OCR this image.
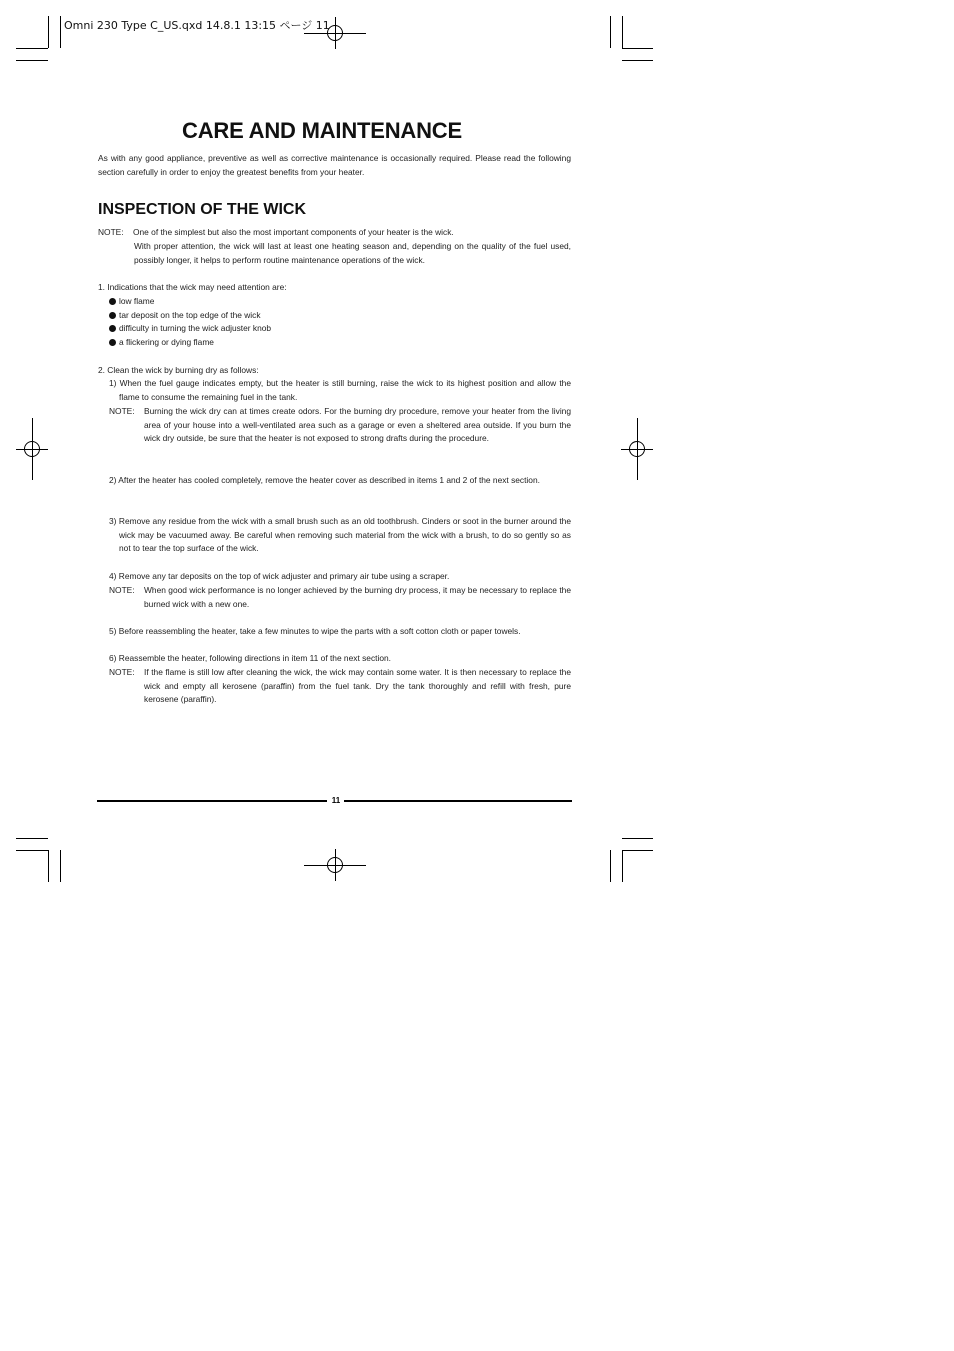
Omni 230 Type C_US.qxd 14.8.1 13:15 ページ 11
CARE AND MAINTENANCE
As with any good appliance, preventive as well as corrective maintenance is occasionally required. Please read the following section carefully in order to enjoy the greatest benefits from your heater.
INSPECTION OF THE WICK
NOTE: One of the simplest but also the most important components of your heater is the wick.
With proper attention, the wick will last at least one heating season and, depending on the quality of the fuel used, possibly longer, it helps to perform routine maintenance operations of the wick.
1. Indications that the wick may need attention are:
low flame
tar deposit on the top edge of the wick
difficulty in turning the wick adjuster knob
a flickering or dying flame
2. Clean the wick by burning dry as follows:
1) When the fuel gauge indicates empty, but the heater is still burning, raise the wick to its highest position and allow the flame to consume the remaining fuel in the tank.
NOTE: Burning the wick dry can at times create odors. For the burning dry procedure, remove your heater from the living area of your house into a well-ventilated area such as a garage or even a sheltered area outside. If you burn the wick dry outside, be sure that the heater is not exposed to strong drafts during the procedure.
2) After the heater has cooled completely, remove the heater cover as described in items 1 and 2 of the next section.
3) Remove any residue from the wick with a small brush such as an old toothbrush. Cinders or soot in the burner around the wick may be vacuumed away. Be careful when removing such material from the wick with a brush, to do so gently so as not to tear the top surface of the wick.
4) Remove any tar deposits on the top of wick adjuster and primary air tube using a scraper.
NOTE: When good wick performance is no longer achieved by the burning dry process, it may be necessary to replace the burned wick with a new one.
5) Before reassembling the heater, take a few minutes to wipe the parts with a soft cotton cloth or paper towels.
6) Reassemble the heater, following directions in item 11 of the next section.
NOTE: If the flame is still low after cleaning the wick, the wick may contain some water. It is then necessary to replace the wick and empty all kerosene (paraffin) from the fuel tank. Dry the tank thoroughly and refill with fresh, pure kerosene (paraffin).
11
